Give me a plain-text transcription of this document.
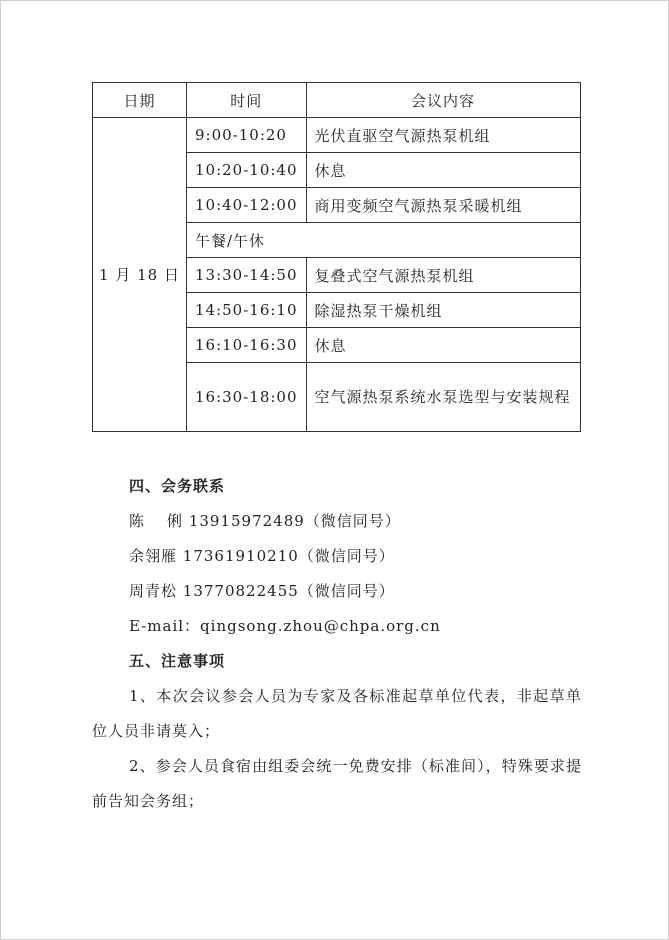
日期	时间	会议内容
1 月 18 日	9:00-10:20	光伏直驱空气源热泵机组
	10:20-10:40	休息
	10:40-12:00	商用变频空气源热泵采暖机组
	午餐/午休	
	13:30-14:50	复叠式空气源热泵机组
	14:50-16:10	除湿热泵干燥机组
	16:10-16:30	休息
	16:30-18:00	空气源热泵系统水泵选型与安装规程

四、会务联系

陈 俐 13915972489（微信同号）

余翎雁 17361910210（微信同号）

周青松 13770822455（微信同号）

E-mail：qingsong.zhou@chpa.org.cn

五、注意事项

1、本次会议参会人员为专家及各标准起草单位代表，非起草单位人员非请莫入；

2、参会人员食宿由组委会统一免费安排（标准间），特殊要求提前告知会务组；
